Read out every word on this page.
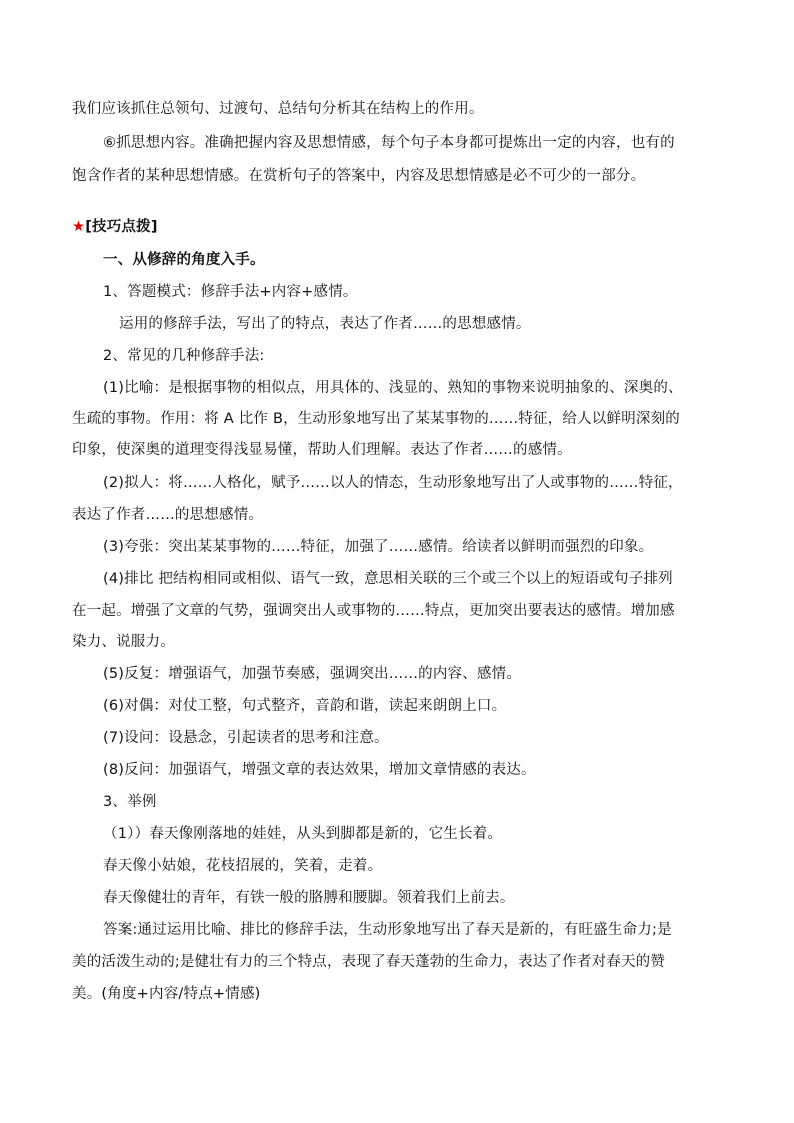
我们应该抓住总领句、过渡句、总结句分析其在结构上的作用。
⑥抓思想内容。准确把握内容及思想情感，每个句子本身都可提炼出一定的内容，也有的
饱含作者的某种思想情感。在赏析句子的答案中，内容及思想情感是必不可少的一部分。
★[技巧点拨]
一、从修辞的角度入手。
1、答题模式：修辞手法+内容+感情。
运用的修辞手法，写出了的特点，表达了作者……的思想感情。
2、常见的几种修辞手法:
(1)比喻：是根据事物的相似点，用具体的、浅显的、熟知的事物来说明抽象的、深奥的、
生疏的事物。作用：将 A 比作 B，生动形象地写出了某某事物的……特征，给人以鲜明深刻的
印象，使深奥的道理变得浅显易懂，帮助人们理解。表达了作者……的感情。
(2)拟人：将……人格化，赋予……以人的情态，生动形象地写出了人或事物的……特征，
表达了作者……的思想感情。
(3)夸张：突出某某事物的……特征，加强了……感情。给读者以鲜明而强烈的印象。
(4)排比 把结构相同或相似、语气一致，意思相关联的三个或三个以上的短语或句子排列
在一起。增强了文章的气势，强调突出人或事物的……特点，更加突出要表达的感情。增加感
染力、说服力。
(5)反复：增强语气，加强节奏感，强调突出……的内容、感情。
(6)对偶：对仗工整，句式整齐，音韵和谐，读起来朗朗上口。
(7)设问：设悬念，引起读者的思考和注意。
(8)反问：加强语气，增强文章的表达效果，增加文章情感的表达。
3、举例
（1））春天像刚落地的娃娃，从头到脚都是新的，它生长着。
春天像小姑娘，花枝招展的，笑着，走着。
春天像健壮的青年，有铁一般的胳膊和腰脚。领着我们上前去。
答案:通过运用比喻、排比的修辞手法，生动形象地写出了春天是新的，有旺盛生命力;是
美的活泼生动的;是健壮有力的三个特点，表现了春天蓬勃的生命力，表达了作者对春天的赞
美。(角度+内容/特点+情感)
